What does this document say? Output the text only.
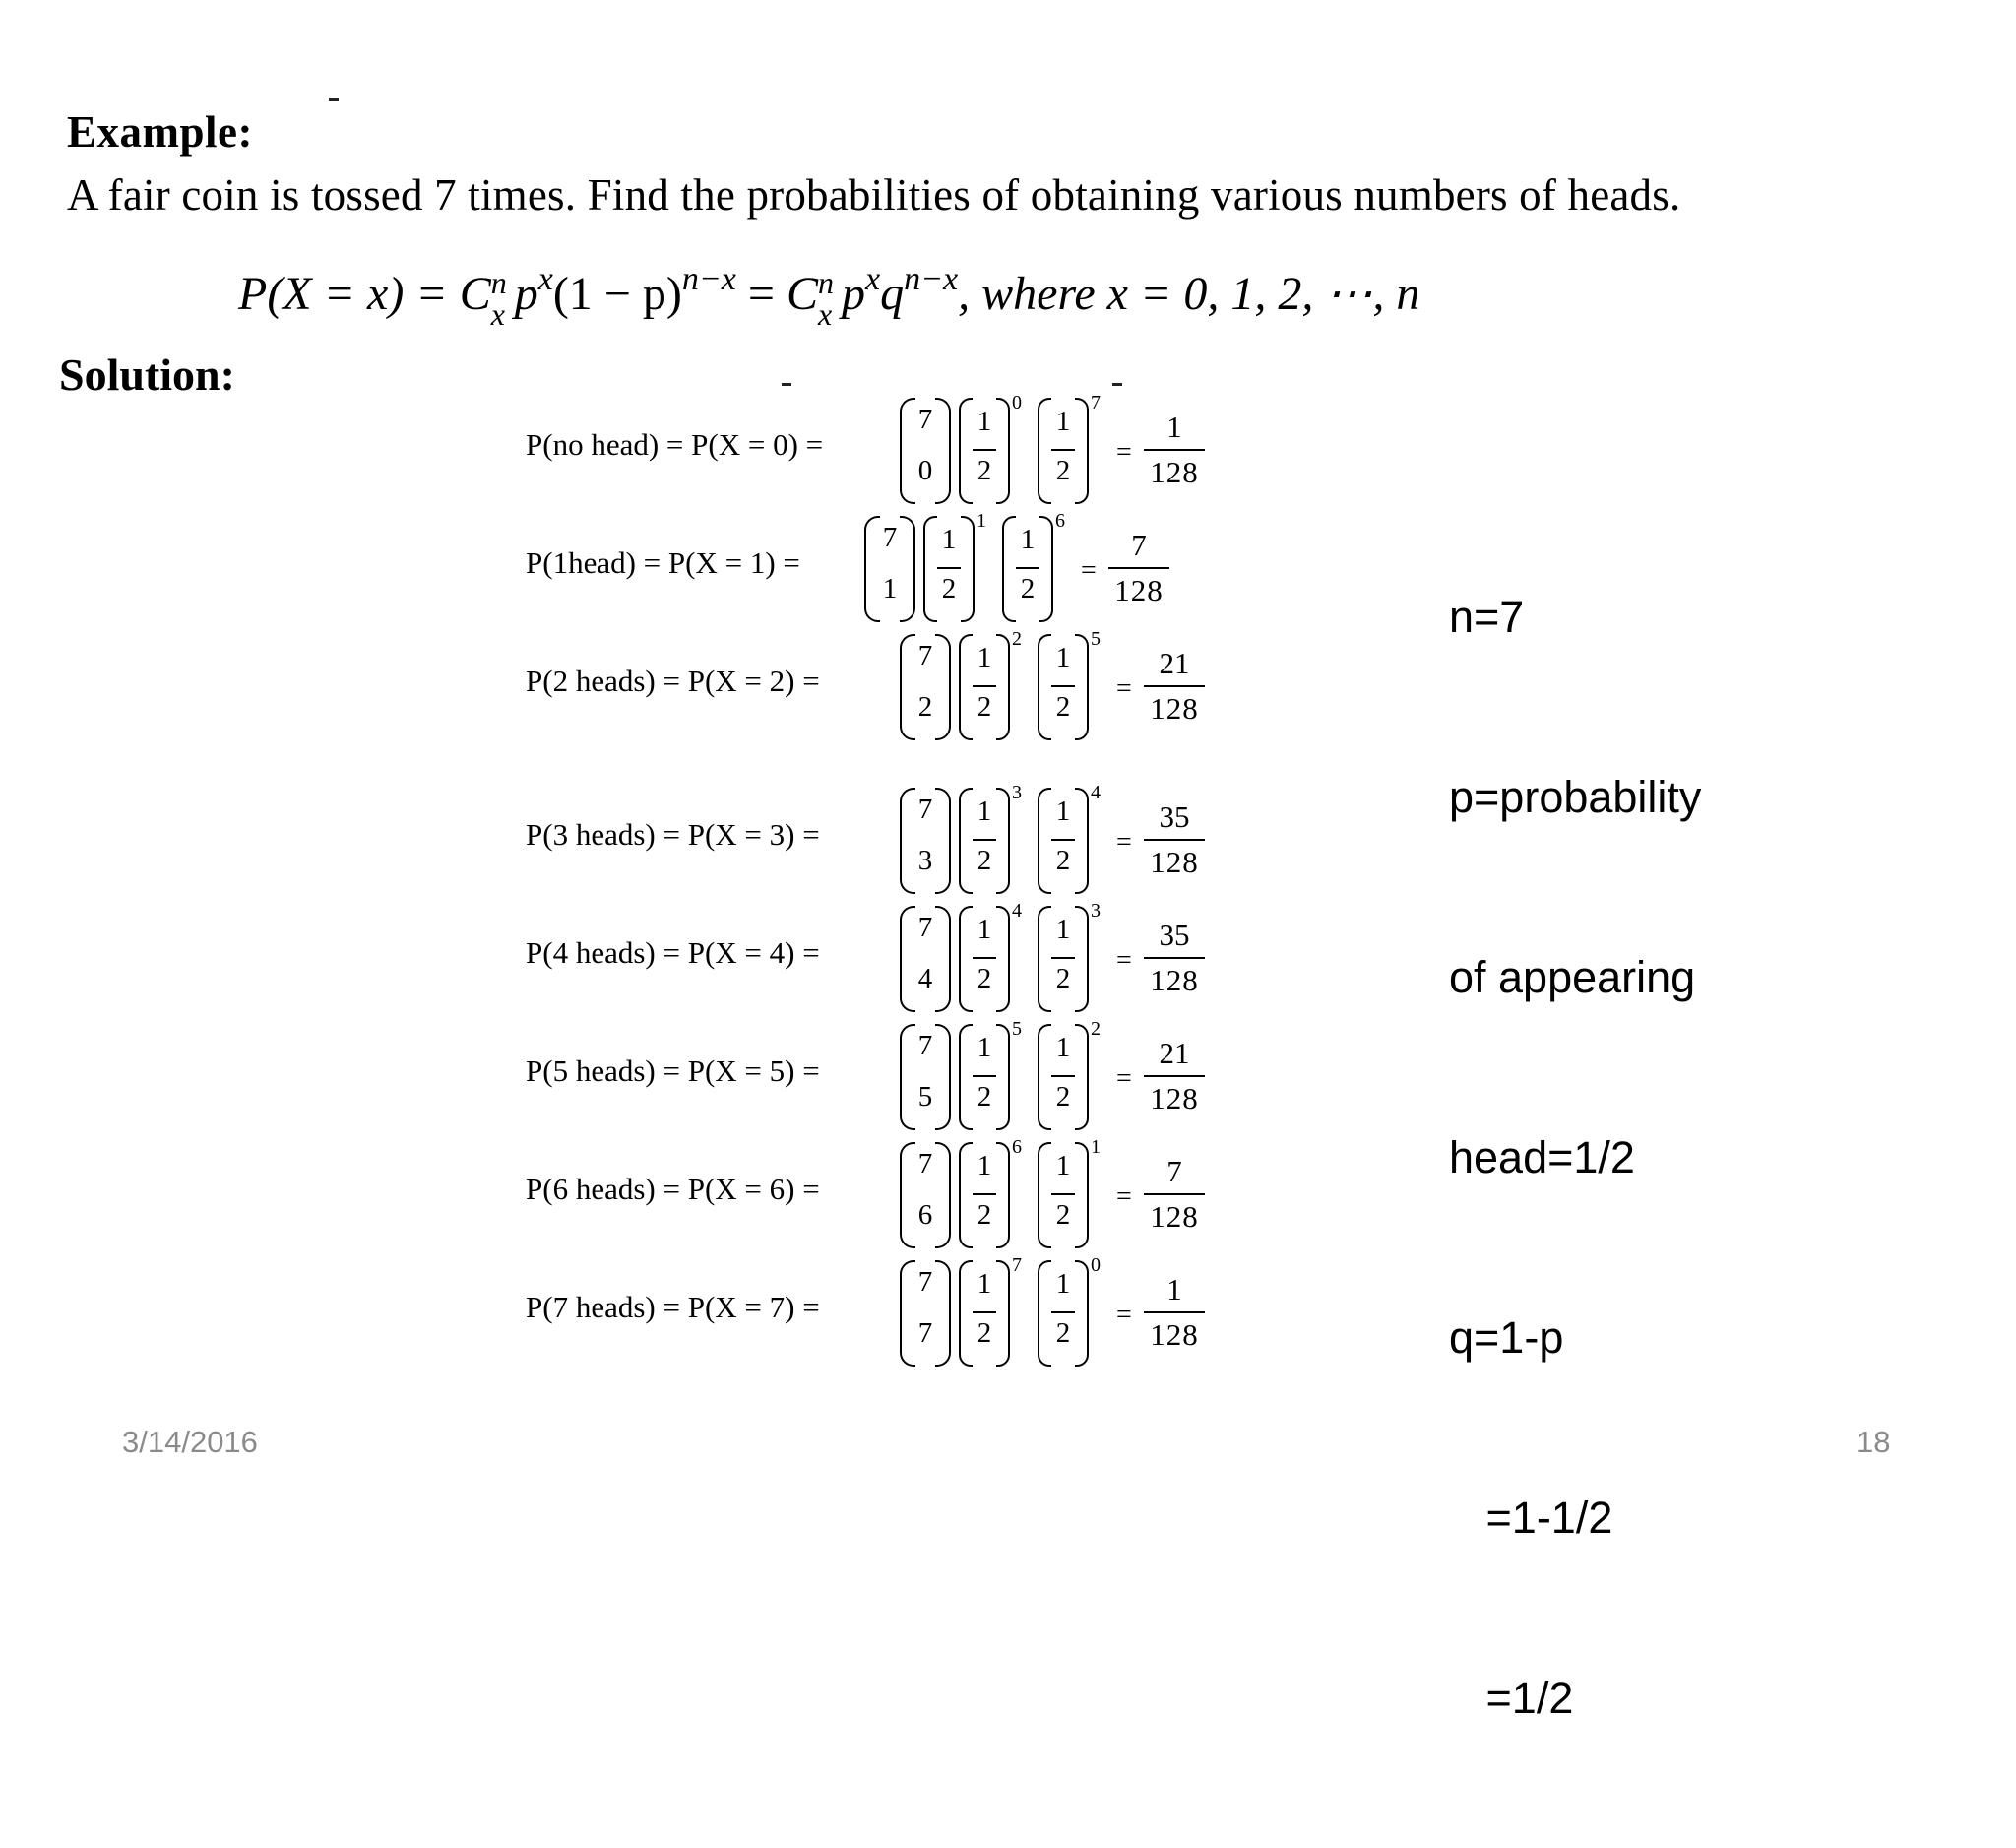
Example:
A fair coin is tossed 7 times. Find the probabilities of obtaining various numbers of heads.
P(X = x) = C n
x $p^x(1 - p)^{n-x} = C$ n
x $p^xq^{n-x}$, where x = 0, 1, 2, ⋯, n
Solution:
P(no head) = P(X = 0) =
7
0
1
2
0
1
2
7
=
1
128
P(1head) = P(X = 1) =
7
1
1
2
1
1
2
6
=
7
128
P(2 heads) = P(X = 2) =
7
2
1
2
2
1
2
5
=
21
128
P(3 heads) = P(X = 3) =
7
3
1
2
3
1
2
4
=
35
128
P(4 heads) = P(X = 4) =
7
4
1
2
4
1
2
3
=
35
128
P(5 heads) = P(X = 5) =
7
5
1
2
5
1
2
2
=
21
128
P(6 heads) = P(X = 6) =
7
6
1
2
6
1
2
1
=
7
128
P(7 heads) = P(X = 7) =
7
7
1
2
7
1
2
0
=
1
128

n=7

p=probability

of appearing

head=1/2

q=1-p

=1-1/2

=1/2

3/14/2016	18
